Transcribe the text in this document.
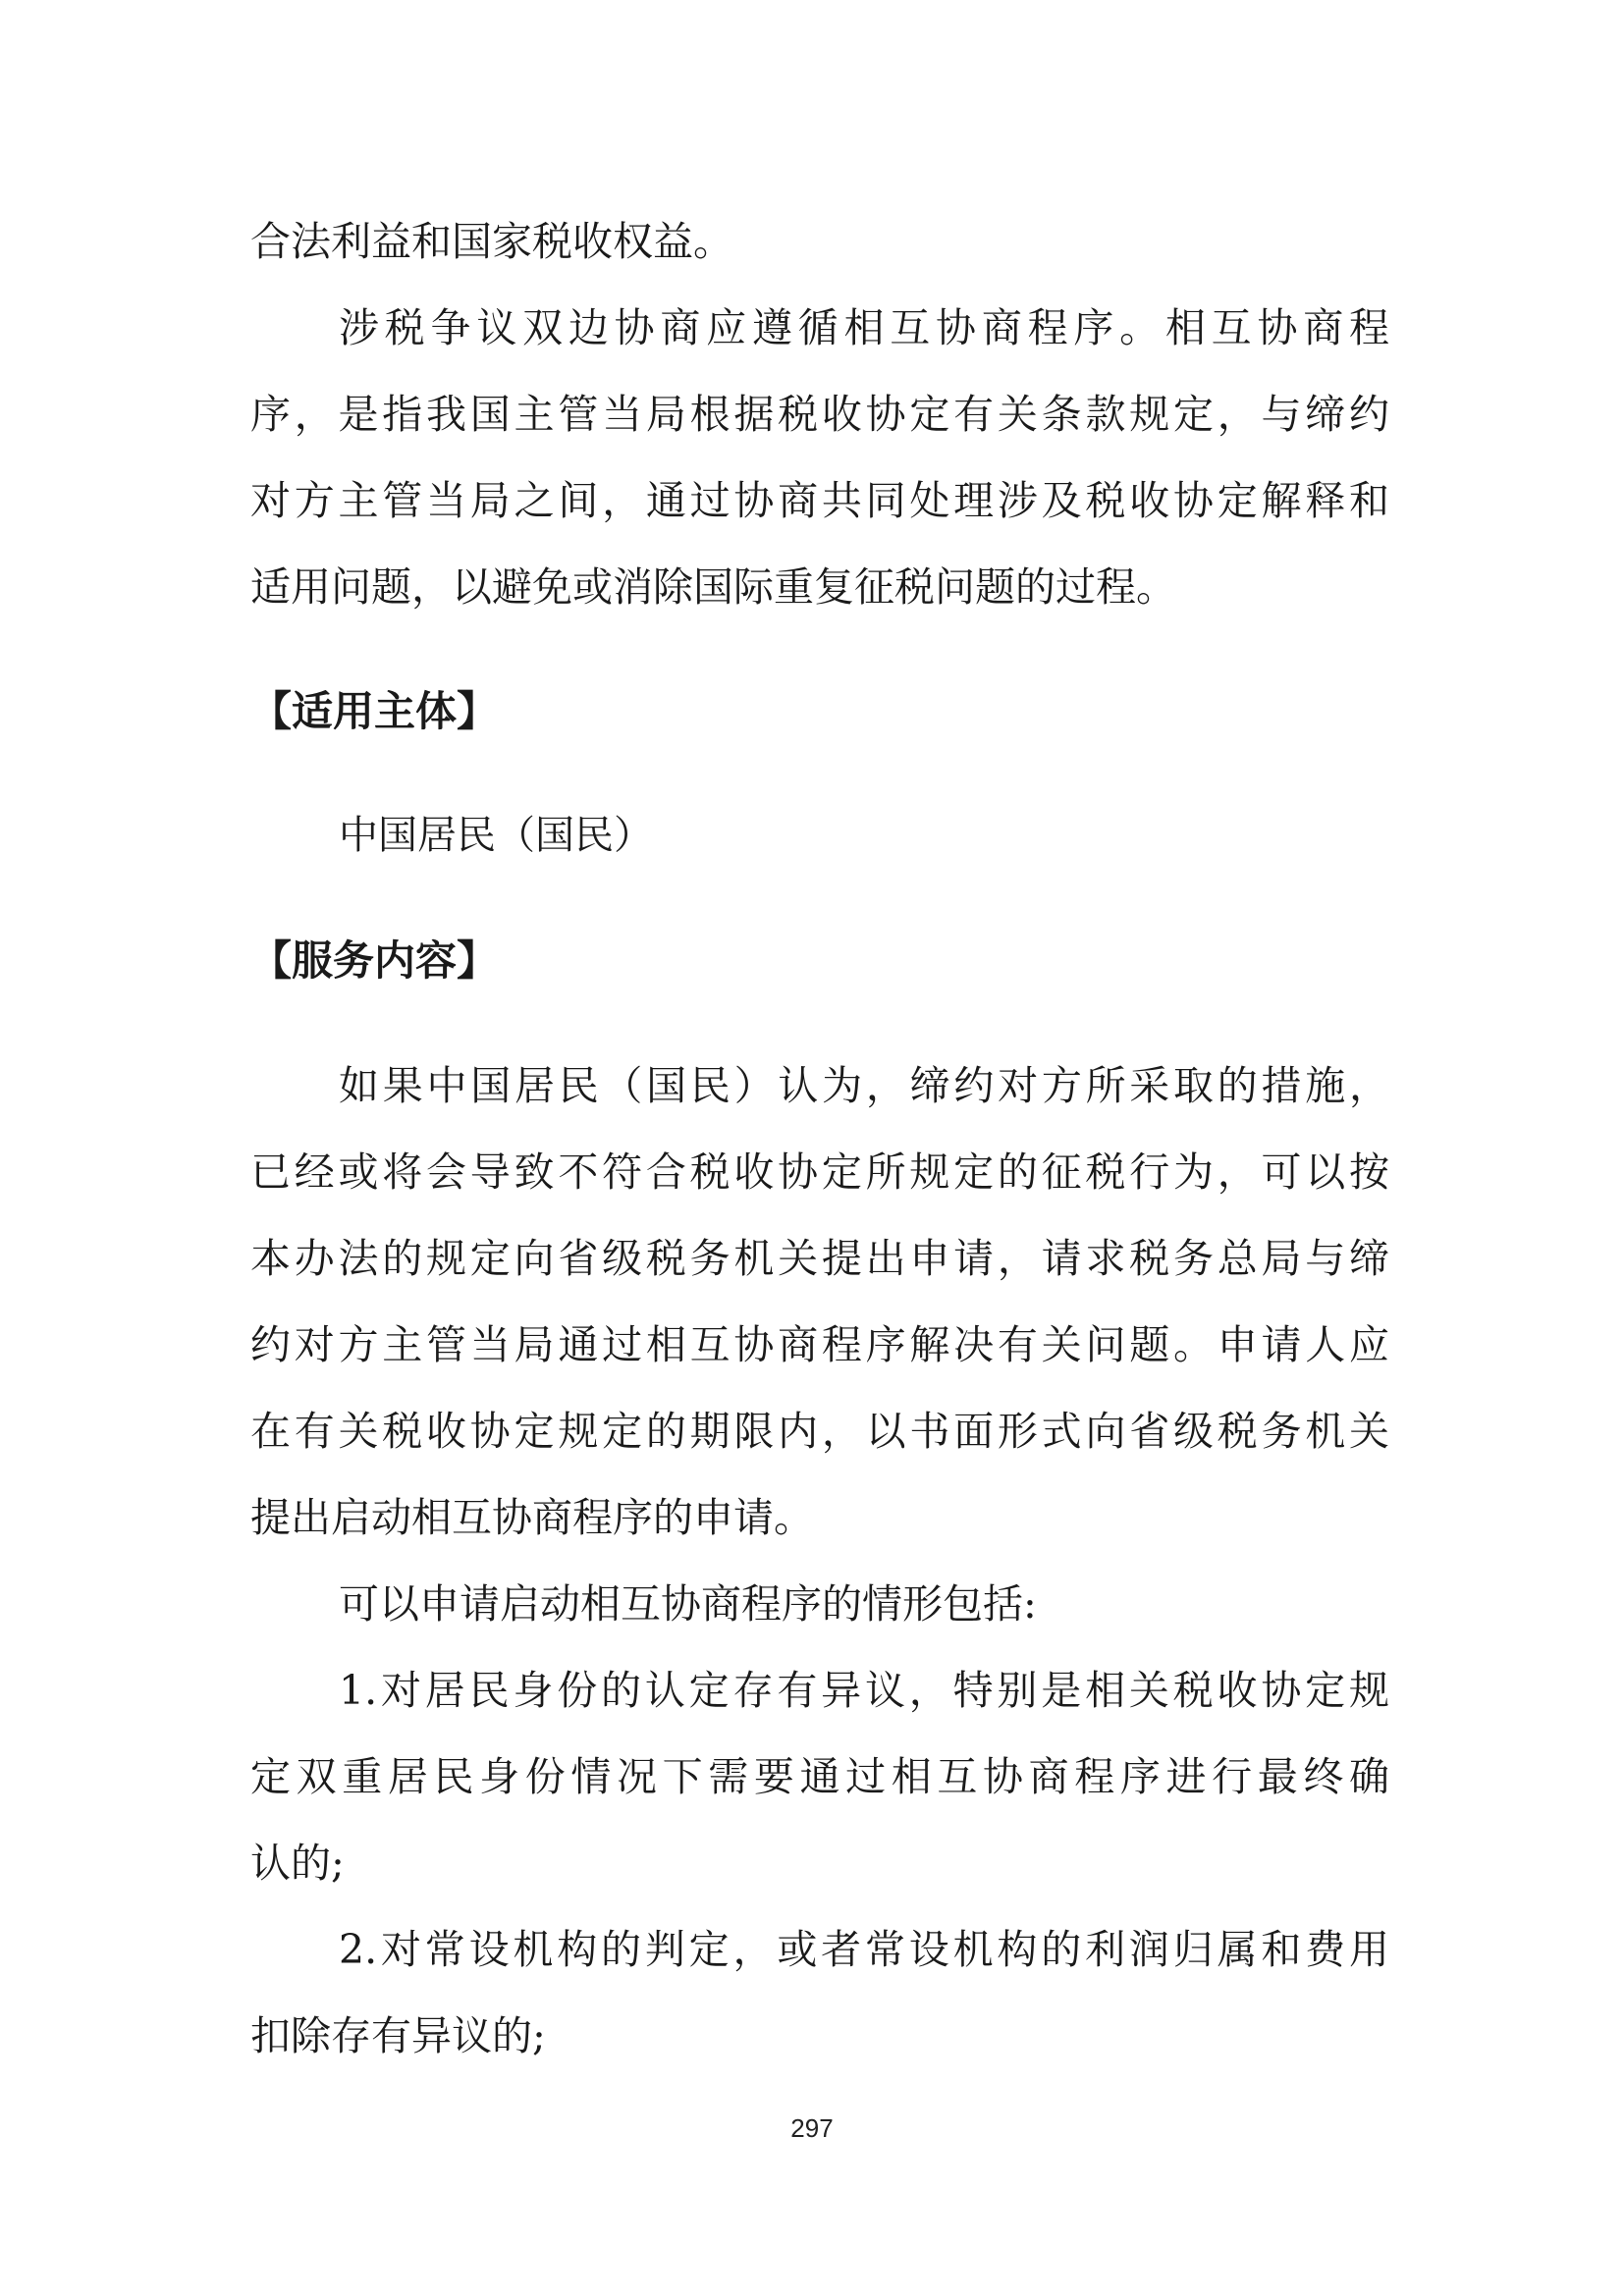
合法利益和国家税收权益。
涉税争议双边协商应遵循相互协商程序。相互协商程
序，是指我国主管当局根据税收协定有关条款规定，与缔约
对方主管当局之间，通过协商共同处理涉及税收协定解释和
适用问题，以避免或消除国际重复征税问题的过程。
【适用主体】
中国居民（国民）
【服务内容】
如果中国居民（国民）认为，缔约对方所采取的措施，
已经或将会导致不符合税收协定所规定的征税行为，可以按
本办法的规定向省级税务机关提出申请，请求税务总局与缔
约对方主管当局通过相互协商程序解决有关问题。申请人应
在有关税收协定规定的期限内，以书面形式向省级税务机关
提出启动相互协商程序的申请。
可以申请启动相互协商程序的情形包括:
1.对居民身份的认定存有异议，特别是相关税收协定规
定双重居民身份情况下需要通过相互协商程序进行最终确
认的;
2.对常设机构的判定，或者常设机构的利润归属和费用
扣除存有异议的;
297
